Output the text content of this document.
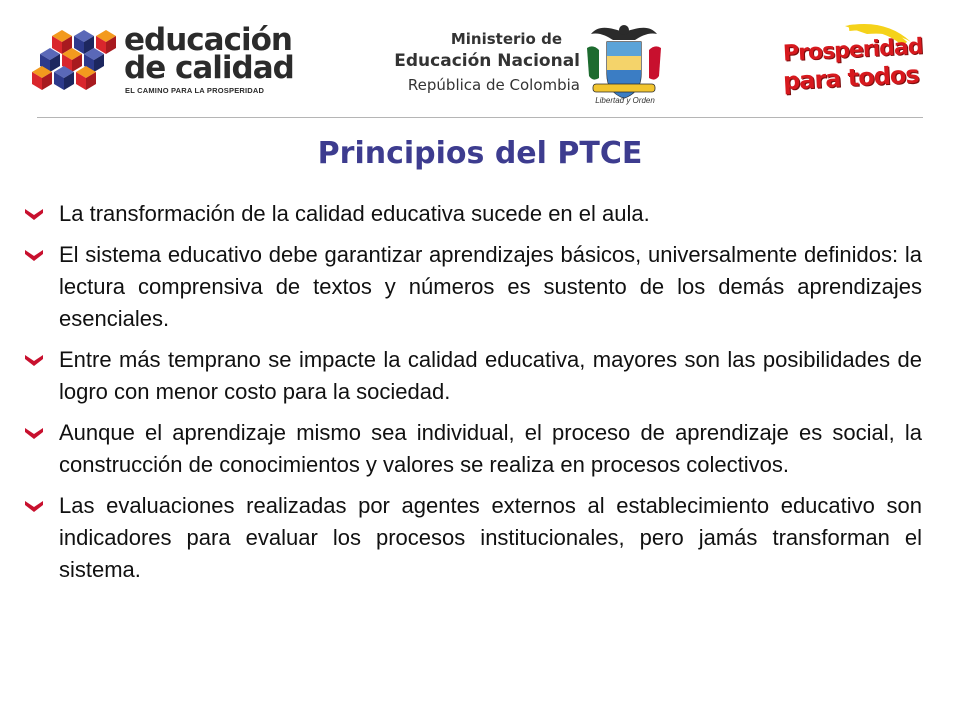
educación
de calidad
EL CAMINO PARA LA PROSPERIDAD
Ministerio de
Educación Nacional
República de Colombia
Libertad y Orden
Prosperidad
para todos
Principios del PTCE
La transformación de la calidad educativa sucede en el aula.
El sistema educativo debe garantizar aprendizajes básicos, universalmente definidos: la lectura comprensiva de textos y números es sustento de los demás aprendizajes esenciales.
Entre más temprano se impacte la calidad educativa, mayores son las posibilidades de logro con menor costo para la sociedad.
Aunque el aprendizaje mismo sea individual, el proceso de aprendizaje es social, la construcción de conocimientos y valores se realiza en procesos colectivos.
Las evaluaciones realizadas por agentes externos al establecimiento educativo son indicadores para evaluar los procesos institucionales, pero jamás transforman el sistema.
